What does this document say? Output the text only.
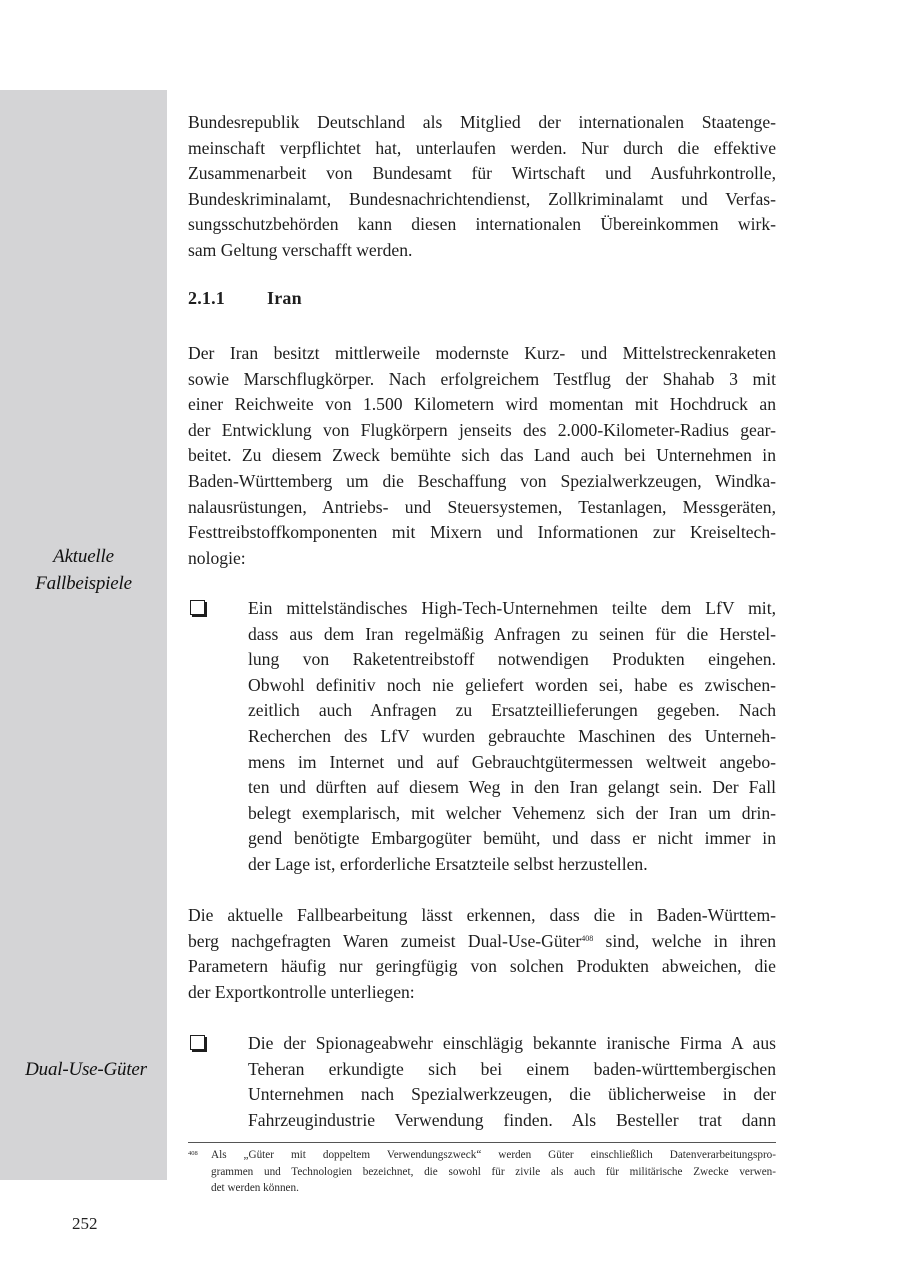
Aktuelle
Fallbeispiele
Dual-Use-Güter
Bundesrepublik Deutschland als Mitglied der internationalen Staatenge-
meinschaft verpflichtet hat, unterlaufen werden. Nur durch die effektive
Zusammenarbeit von Bundesamt für Wirtschaft und Ausfuhrkontrolle,
Bundeskriminalamt, Bundesnachrichtendienst, Zollkriminalamt und Verfas-
sungsschutzbehörden kann diesen internationalen Übereinkommen wirk-
sam Geltung verschafft werden.
2.1.1 Iran
Der Iran besitzt mittlerweile modernste Kurz- und Mittelstreckenraketen
sowie Marschflugkörper. Nach erfolgreichem Testflug der Shahab 3 mit
einer Reichweite von 1.500 Kilometern wird momentan mit Hochdruck an
der Entwicklung von Flugkörpern jenseits des 2.000-Kilometer-Radius gear-
beitet. Zu diesem Zweck bemühte sich das Land auch bei Unternehmen in
Baden-Württemberg um die Beschaffung von Spezialwerkzeugen, Windka-
nalausrüstungen, Antriebs- und Steuersystemen, Testanlagen, Messgeräten,
Festtreibstoffkomponenten mit Mixern und Informationen zur Kreiseltech-
nologie:
Ein mittelständisches High-Tech-Unternehmen teilte dem LfV mit,
dass aus dem Iran regelmäßig Anfragen zu seinen für die Herstel-
lung von Raketentreibstoff notwendigen Produkten eingehen.
Obwohl definitiv noch nie geliefert worden sei, habe es zwischen-
zeitlich auch Anfragen zu Ersatzteillieferungen gegeben. Nach
Recherchen des LfV wurden gebrauchte Maschinen des Unterneh-
mens im Internet und auf Gebrauchtgütermessen weltweit angebo-
ten und dürften auf diesem Weg in den Iran gelangt sein. Der Fall
belegt exemplarisch, mit welcher Vehemenz sich der Iran um drin-
gend benötigte Embargogüter bemüht, und dass er nicht immer in
der Lage ist, erforderliche Ersatzteile selbst herzustellen.
Die aktuelle Fallbearbeitung lässt erkennen, dass die in Baden-Württem-
berg nachgefragten Waren zumeist Dual-Use-Güter$^{408}$ sind, welche in ihren
Parametern häufig nur geringfügig von solchen Produkten abweichen, die
der Exportkontrolle unterliegen:
Die der Spionageabwehr einschlägig bekannte iranische Firma A aus
Teheran erkundigte sich bei einem baden-württembergischen
Unternehmen nach Spezialwerkzeugen, die üblicherweise in der
Fahrzeugindustrie Verwendung finden. Als Besteller trat dann
408 Als „Güter mit doppeltem Verwendungszweck“ werden Güter einschließlich Datenverarbeitungspro-
grammen und Technologien bezeichnet, die sowohl für zivile als auch für militärische Zwecke verwen-
det werden können.
252
